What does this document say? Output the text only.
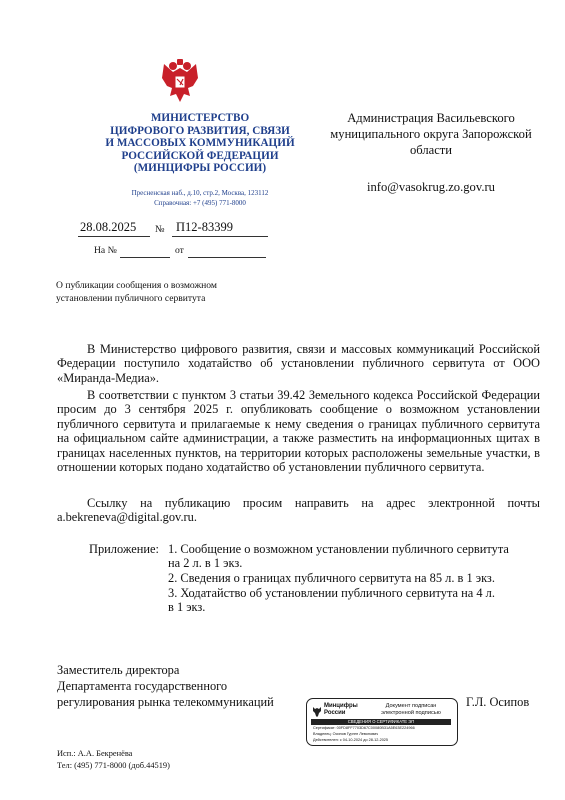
МИНИСТЕРСТВО
ЦИФРОВОГО РАЗВИТИЯ, СВЯЗИ
И МАССОВЫХ КОММУНИКАЦИЙ
РОССИЙСКОЙ ФЕДЕРАЦИИ
(МИНЦИФРЫ РОССИИ)
Пресненская наб., д.10, стр.2, Москва, 123112
Справочная: +7 (495) 771-8000
28.08.2025 № П12-83399
На №	от
Администрация Васильевского
муниципального округа Запорожской
области
info@vasokrug.zo.gov.ru
О публикации сообщения о возможном
установлении публичного сервитута
В Министерство цифрового развития, связи и массовых коммуникаций Российской Федерации поступило ходатайство об установлении публичного сервитута от ООО «Миранда-Медиа».
В соответствии с пунктом 3 статьи 39.42 Земельного кодекса Российской Федерации просим до 3 сентября 2025 г. опубликовать сообщение о возможном установлении публичного сервитута и прилагаемые к нему сведения о границах публичного сервитута на официальном сайте администрации, а также разместить на информационных щитах в границах населенных пунктов, на территории которых расположены земельные участки, в отношении которых подано ходатайство об установлении публичного сервитута.
Ссылку на публикацию просим направить на адрес электронной почты a.bekreneva@digital.gov.ru.
Приложение: 1. Сообщение о возможном установлении публичного сервитута
на 2 л. в 1 экз.
2. Сведения о границах публичного сервитута на 85 л. в 1 экз.
3. Ходатайство об установлении публичного сервитута на 4 л.
в 1 экз.
Заместитель директора
Департамента государственного
регулирования рынка телекоммуникаций	Г.Л. Осипов
Минцифры
России
Документ подписан
электронной подписью
СВЕДЕНИЯ О СЕРТИФИКАТЕ ЭП
Сертификат: 00FD8FF7703D67C00080B31A5E63E224966
Владелец: Осипов Гурген Левонович
Действителен: с 04-10-2024 до 28-12-2025
Исп.: А.А. Бекренёва
Тел: (495) 771-8000 (доб.44519)
